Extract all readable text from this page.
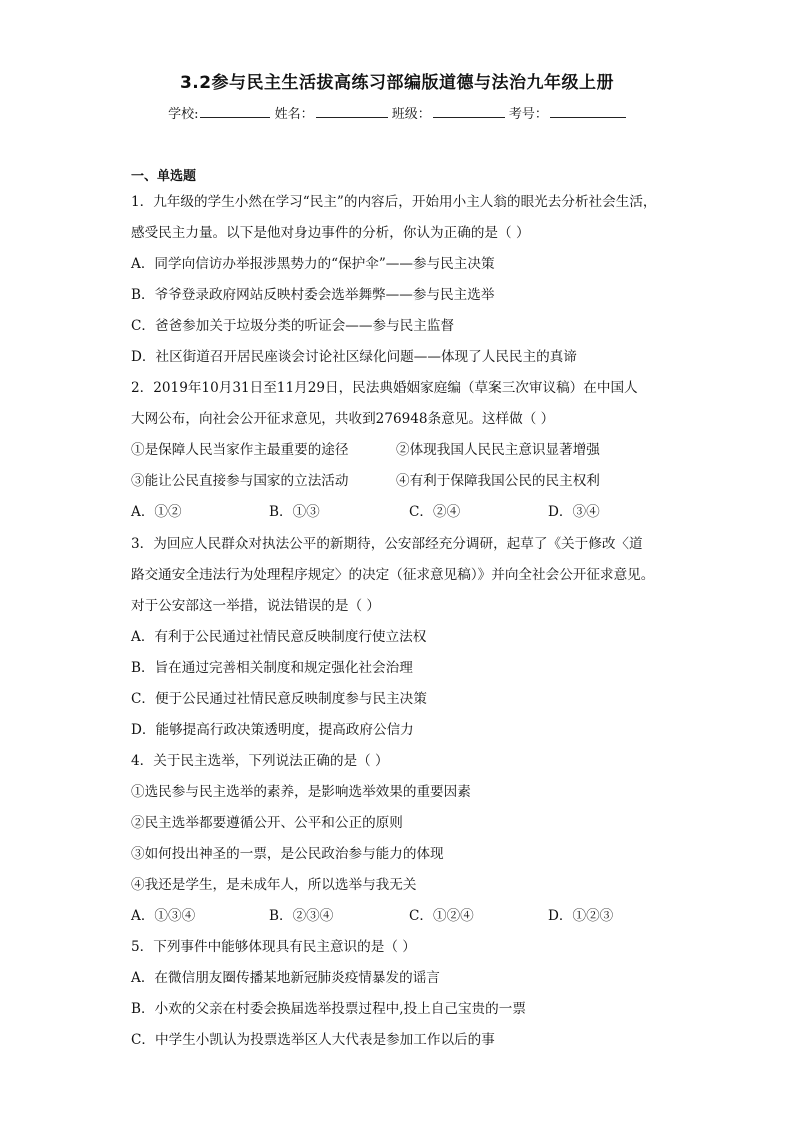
3.2参与民主生活拔高练习部编版道德与法治九年级上册
学校:	姓名：	班级：	考号：
一、单选题
1．九年级的学生小然在学习“民主”的内容后，开始用小主人翁的眼光去分析社会生活，
感受民主力量。以下是他对身边事件的分析，你认为正确的是（ ）
A．同学向信访办举报涉黑势力的“保护伞”——参与民主决策
B．爷爷登录政府网站反映村委会选举舞弊——参与民主选举
C．爸爸参加关于垃圾分类的听证会——参与民主监督
D．社区街道召开居民座谈会讨论社区绿化问题——体现了人民民主的真谛
2．2019年10月31日至11月29日，民法典婚姻家庭编（草案三次审议稿）在中国人
大网公布，向社会公开征求意见，共收到276948条意见。这样做（ ）
①是保障人民当家作主最重要的途径	②体现我国人民民主意识显著增强
③能让公民直接参与国家的立法活动	④有利于保障我国公民的民主权利
A．①②	B．①③	C．②④	D．③④
3．为回应人民群众对执法公平的新期待，公安部经充分调研，起草了《关于修改〈道
路交通安全违法行为处理程序规定〉的决定（征求意见稿）》并向全社会公开征求意见。
对于公安部这一举措，说法错误的是（ ）
A．有利于公民通过社情民意反映制度行使立法权
B．旨在通过完善相关制度和规定强化社会治理
C．便于公民通过社情民意反映制度参与民主决策
D．能够提高行政决策透明度，提高政府公信力
4．关于民主选举，下列说法正确的是（ ）
①选民参与民主选举的素养，是影响选举效果的重要因素
②民主选举都要遵循公开、公平和公正的原则
③如何投出神圣的一票，是公民政治参与能力的体现
④我还是学生，是未成年人，所以选举与我无关
A．①③④	B．②③④	C．①②④	D．①②③
5．下列事件中能够体现具有民主意识的是（ ）
A．在微信朋友圈传播某地新冠肺炎疫情暴发的谣言
B．小欢的父亲在村委会换届选举投票过程中,投上自己宝贵的一票
C．中学生小凯认为投票选举区人大代表是参加工作以后的事
